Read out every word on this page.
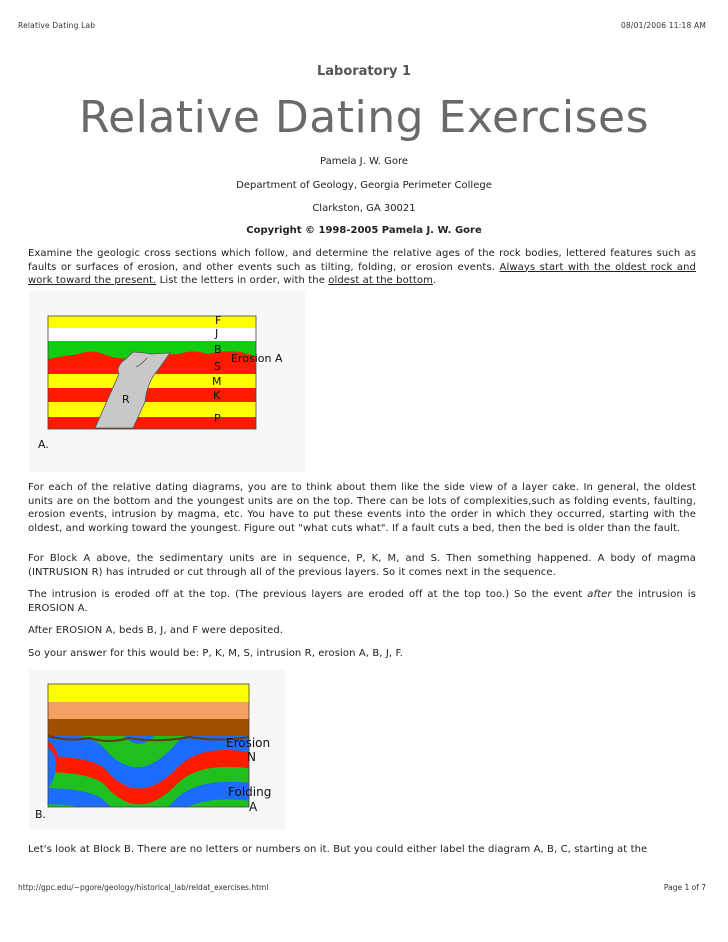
Relative Dating Lab	08/01/2006 11:18 AM
Laboratory 1
Relative Dating Exercises
Pamela J. W. Gore
Department of Geology, Georgia Perimeter College
Clarkston, GA 30021
Copyright © 1998-2005 Pamela J. W. Gore
Examine the geologic cross sections which follow, and determine the relative ages of the rock bodies, lettered features such as faults or surfaces of erosion, and other events such as tilting, folding, or erosion events. Always start with the oldest rock and work toward the present. List the letters in order, with the oldest at the bottom.
F
J
B
S
M
K
P
R
Erosion A
A.
For each of the relative dating diagrams, you are to think about them like the side view of a layer cake. In general, the oldest units are on the bottom and the youngest units are on the top. There can be lots of complexities,such as folding events, faulting, erosion events, intrusion by magma, etc. You have to put these events into the order in which they occurred, starting with the oldest, and working toward the youngest. Figure out "what cuts what". If a fault cuts a bed, then the bed is older than the fault.
For Block A above, the sedimentary units are in sequence, P, K, M, and S. Then something happened. A body of magma (INTRUSION R) has intruded or cut through all of the previous layers. So it comes next in the sequence.
The intrusion is eroded off at the top. (The previous layers are eroded off at the top too.) So the event after the intrusion is EROSION A.
After EROSION A, beds B, J, and F were deposited.
So your answer for this would be: P, K, M, S, intrusion R, erosion A, B, J, F.
Erosion
N
Folding
A
B.
Let's look at Block B. There are no letters or numbers on it. But you could either label the diagram A, B, C, starting at the
http://gpc.edu/~pgore/geology/historical_lab/reldat_exercises.html	Page 1 of 7
